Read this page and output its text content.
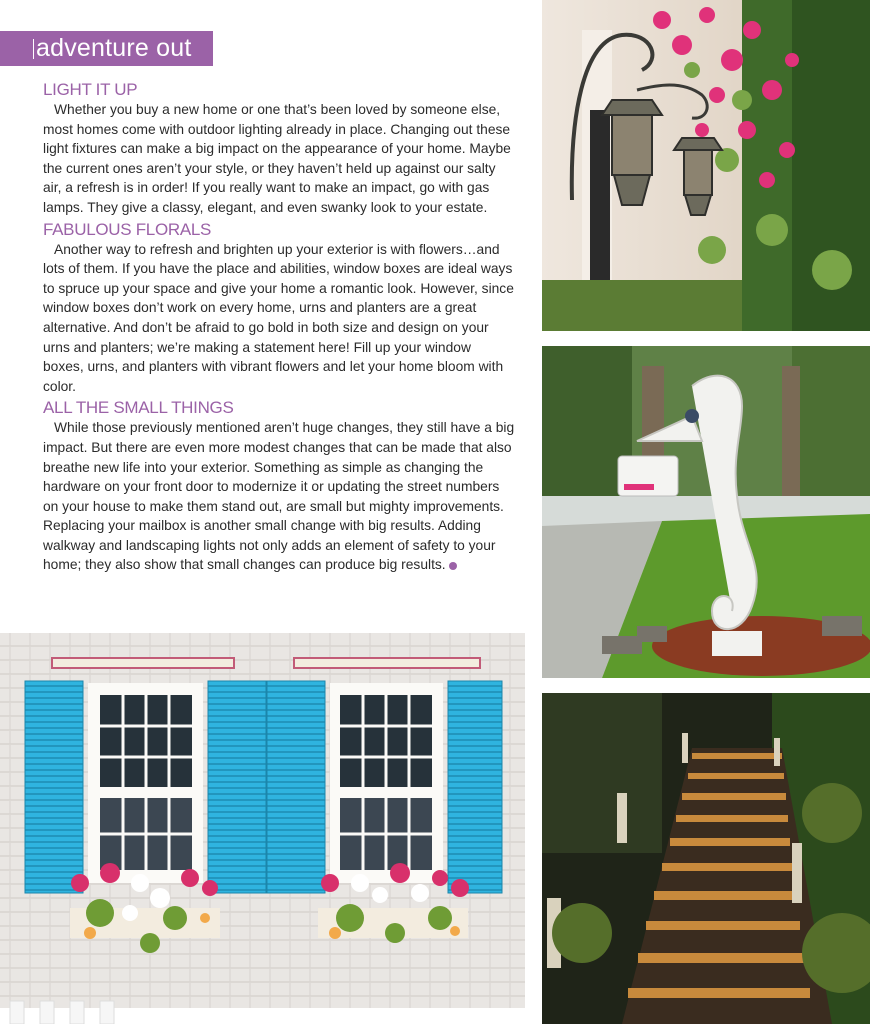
adventure out
LIGHT IT UP

Whether you buy a new home or one that’s been loved by someone else, most homes come with outdoor lighting already in place. Changing out these light fixtures can make a big impact on the appearance of your home. Maybe the current ones aren’t your style, or they haven’t held up against our salty air, a refresh is in order! If you really want to make an impact, go with gas lamps. They give a classy, elegant, and even swanky look to your estate.

FABULOUS FLORALS

Another way to refresh and brighten up your exterior is with flowers…and lots of them. If you have the place and abilities, window boxes are ideal ways to spruce up your space and give your home a romantic look. However, since window boxes don’t work on every home, urns and planters are a great alternative. And don’t be afraid to go bold in both size and design on your urns and planters; we’re making a statement here! Fill up your window boxes, urns, and planters with vibrant flowers and let your home bloom with color.

ALL THE SMALL THINGS

While those previously mentioned aren’t huge changes, they still have a big impact. But there are even more modest changes that can be made that also breathe new life into your exterior. Something as simple as changing the hardware on your front door to modernize it or updating the street numbers on your house to make them stand out, are small but mighty improvements. Replacing your mailbox is another small change with big results. Adding walkway and landscaping lights not only adds an element of safety to your home; they also show that small changes can produce big results. P
